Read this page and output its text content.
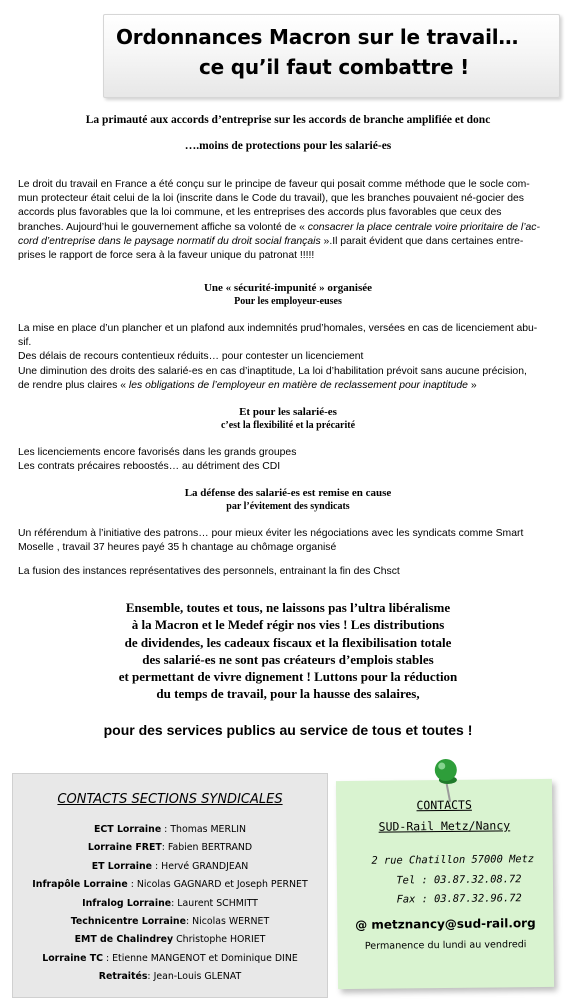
Ordonnances Macron sur le travail…
ce qu’il faut combattre !
La primauté aux accords d’entreprise sur les accords de branche amplifiée et donc
….moins de protections pour les salarié-es
Le droit du travail en France a été conçu sur le principe de faveur qui posait comme méthode que le socle com-
mun protecteur était celui de la loi (inscrite dans le Code du travail), que les branches pouvaient né-gocier des
accords plus favorables que la loi commune, et les entreprises des accords plus favorables que ceux des
branches. Aujourd’hui le gouvernement affiche sa volonté de « consacrer la place centrale voire prioritaire de l’ac-
cord d’entreprise dans le paysage normatif du droit social français ».Il parait évident que dans certaines entre-
prises le rapport de force sera à la faveur unique du patronat !!!!!
Une « sécurité-impunité » organisée
Pour les employeur-euses
La mise en place d’un plancher et un plafond aux indemnités prud’homales, versées en cas de licenciement abu-
sif.
Des délais de recours contentieux réduits… pour contester un licenciement
Une diminution des droits des salarié-es en cas d’inaptitude, La loi d’habilitation prévoit sans aucune précision,
de rendre plus claires « les obligations de l’employeur en matière de reclassement pour inaptitude »
Et pour les salarié-es
c’est la flexibilité et la précarité
Les licenciements encore favorisés dans les grands groupes
Les contrats précaires reboostés… au détriment des CDI
La défense des salarié-es est remise en cause
par l’évitement des syndicats
Un référendum à l’initiative des patrons… pour mieux éviter les négociations avec les syndicats comme Smart
Moselle , travail 37 heures payé 35 h chantage au chômage organisé
La fusion des instances représentatives des personnels, entrainant la fin des Chsct
Ensemble, toutes et tous, ne laissons pas l’ultra libéralisme
à la Macron et le Medef régir nos vies ! Les distributions
de dividendes, les cadeaux fiscaux et la flexibilisation totale
des salarié-es ne sont pas créateurs d’emplois stables
et permettant de vivre dignement ! Luttons pour la réduction
du temps de travail, pour la hausse des salaires,
pour des services publics au service de tous et toutes !
CONTACTS SECTIONS SYNDICALES
ECT Lorraine : Thomas MERLIN
Lorraine FRET: Fabien BERTRAND
ET Lorraine : Hervé GRANDJEAN
Infrapôle Lorraine : Nicolas GAGNARD et Joseph PERNET
Infralog Lorraine: Laurent SCHMITT
Technicentre Lorraine: Nicolas WERNET
EMT de Chalindrey Christophe HORIET
Lorraine TC : Etienne MANGENOT et Dominique DINE
Retraités: Jean-Louis GLENAT
CONTACTS
SUD-Rail Metz/Nancy
2 rue Chatillon 57000 Metz
Tel : 03.87.32.08.72
Fax : 03.87.32.96.72
@ metznancy@sud-rail.org
Permanence du lundi au vendredi
